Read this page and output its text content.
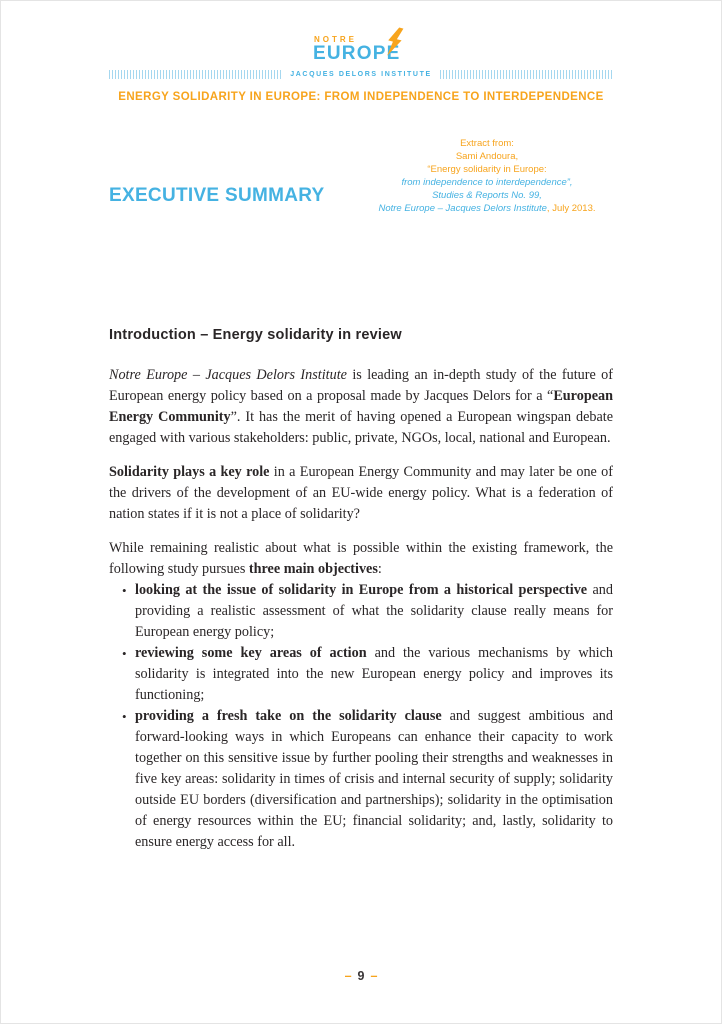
NOTRE
EUROPE
JACQUES DELORS INSTITUTE
ENERGY SOLIDARITY IN EUROPE: FROM INDEPENDENCE TO INTERDEPENDENCE
EXECUTIVE SUMMARY
Extract from:
Sami Andoura,
“Energy solidarity in Europe:
from independence to interdependence”,
Studies & Reports No. 99,
Notre Europe – Jacques Delors Institute, July 2013.
Introduction – Energy solidarity in review

Notre Europe – Jacques Delors Institute is leading an in-depth study of the future of European energy policy based on a proposal made by Jacques Delors for a “European Energy Community”. It has the merit of having opened a European wingspan debate engaged with various stakeholders: public, private, NGOs, local, national and European.

Solidarity plays a key role in a European Energy Community and may later be one of the drivers of the development of an EU-wide energy policy. What is a federation of nation states if it is not a place of solidarity?

While remaining realistic about what is possible within the existing framework, the following study pursues three main objectives:

• looking at the issue of solidarity in Europe from a historical perspective and providing a realistic assessment of what the solidarity clause really means for European energy policy;
• reviewing some key areas of action and the various mechanisms by which solidarity is integrated into the new European energy policy and improves its functioning;
• providing a fresh take on the solidarity clause and suggest ambitious and forward-looking ways in which Europeans can enhance their capacity to work together on this sensitive issue by further pooling their strengths and weaknesses in five key areas: solidarity in times of crisis and internal security of supply; solidarity outside EU borders (diversification and partnerships); solidarity in the optimisation of energy resources within the EU; financial solidarity; and, lastly, solidarity to ensure energy access for all.
– 9 –
